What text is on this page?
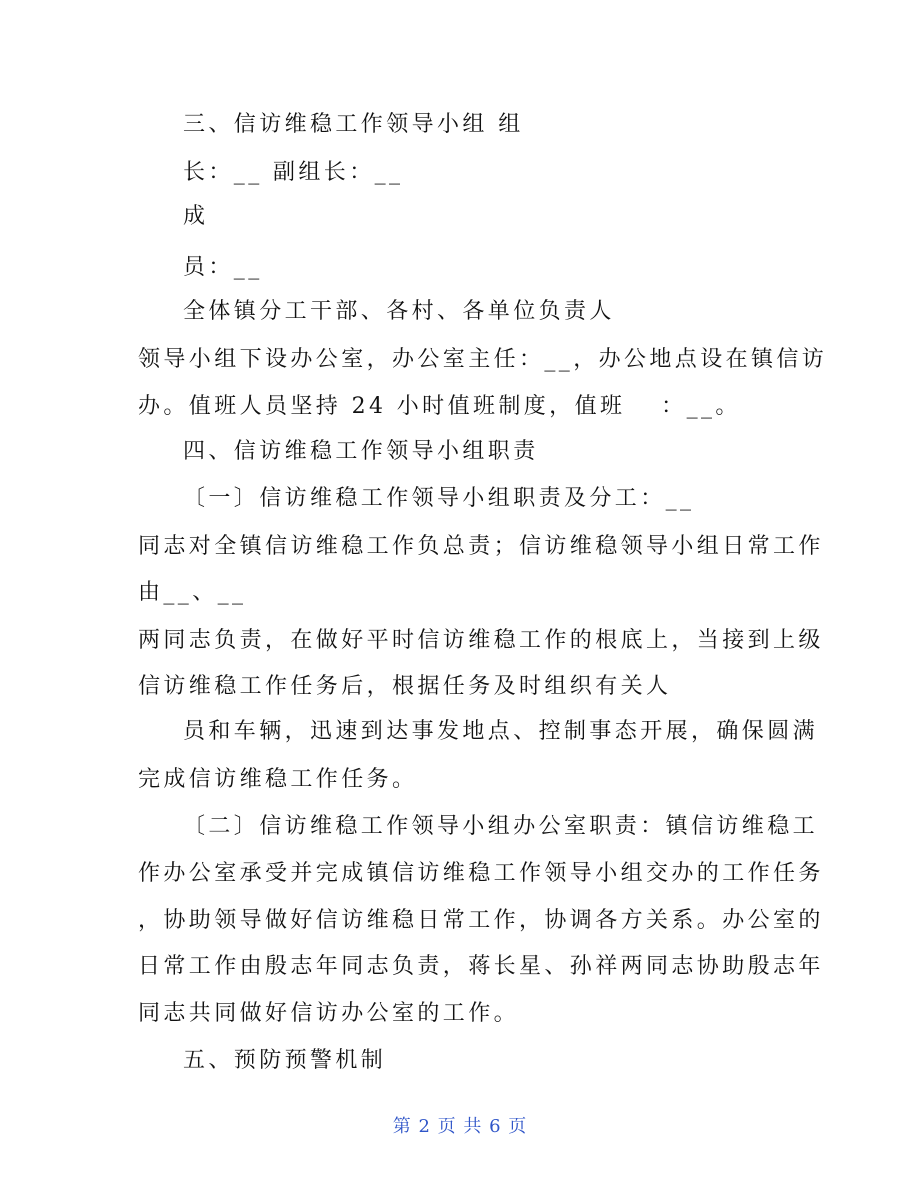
三、信访维稳工作领导小组 组
长：__ 副组长：__
成
员：__
全体镇分工干部、各村、各单位负责人
领导小组下设办公室，办公室主任：__，办公地点设在镇信访
办。值班人员坚持 24 小时值班制度，值班　 ：__。
四、信访维稳工作领导小组职责
〔一〕信访维稳工作领导小组职责及分工：__
同志对全镇信访维稳工作负总责；信访维稳领导小组日常工作
由__、__
两同志负责，在做好平时信访维稳工作的根底上，当接到上级
信访维稳工作任务后，根据任务及时组织有关人
员和车辆，迅速到达事发地点、控制事态开展，确保圆满
完成信访维稳工作任务。
〔二〕信访维稳工作领导小组办公室职责：镇信访维稳工
作办公室承受并完成镇信访维稳工作领导小组交办的工作任务
，协助领导做好信访维稳日常工作，协调各方关系。办公室的
日常工作由殷志年同志负责，蒋长星、孙祥两同志协助殷志年
同志共同做好信访办公室的工作。
五、预防预警机制
第 2 页 共 6 页
